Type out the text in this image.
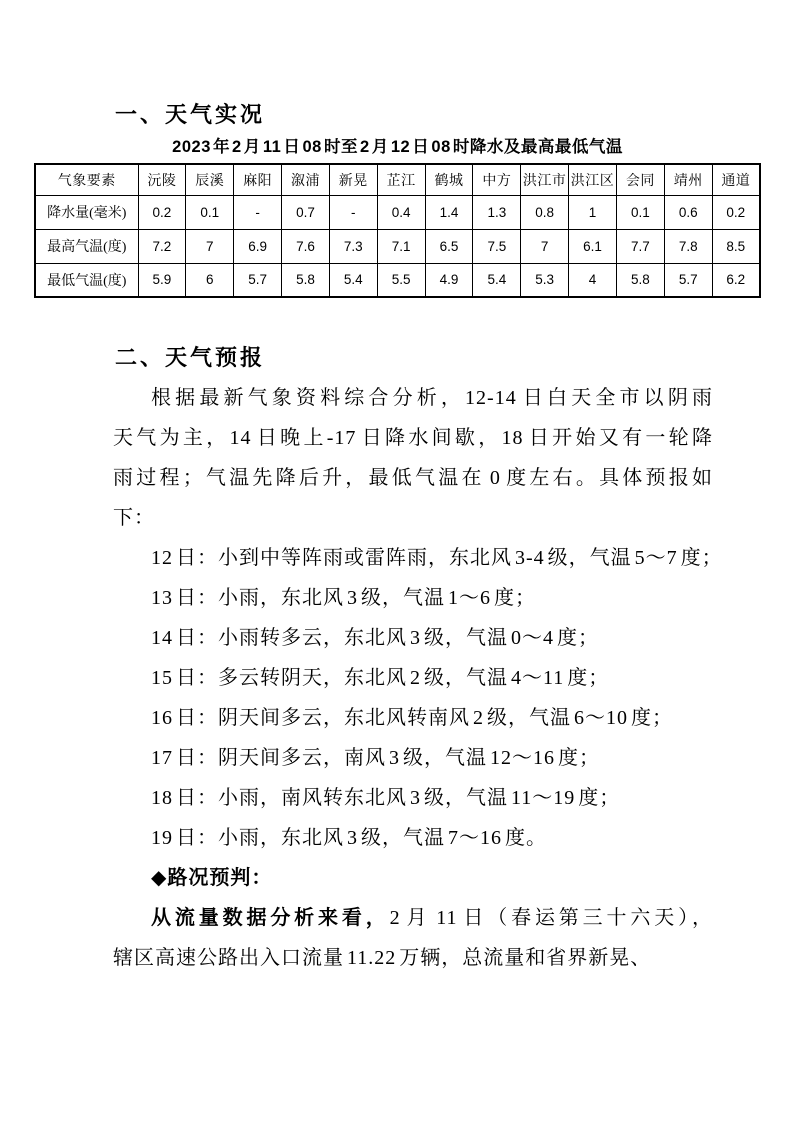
一、天气实况
2023 年 2 月 11 日 08 时至 2 月 12 日 08 时降水及最高最低气温
气象要素	沅陵	辰溪	麻阳	溆浦	新晃	芷江	鹤城	中方	洪江市	洪江区	会同	靖州	通道
降水量(毫米)	0.2	0.1	-	0.7	-	0.4	1.4	1.3	0.8	1	0.1	0.6	0.2
最高气温(度)	7.2	7	6.9	7.6	7.3	7.1	6.5	7.5	7	6.1	7.7	7.8	8.5
最低气温(度)	5.9	6	5.7	5.8	5.4	5.5	4.9	5.4	5.3	4	5.8	5.7	6.2
二、天气预报
根据最新气象资料综合分析，12-14 日白天全市以阴雨
天气为主，14 日晚上-17 日降水间歇，18 日开始又有一轮降
雨过程；气温先降后升，最低气温在 0 度左右。具体预报如
下：
12 日：小到中等阵雨或雷阵雨，东北风 3-4 级，气温 5～7 度；
13 日：小雨，东北风 3 级，气温 1～6 度；
14 日：小雨转多云，东北风 3 级，气温 0～4 度；
15 日：多云转阴天，东北风 2 级，气温 4～11 度；
16 日：阴天间多云，东北风转南风 2 级，气温 6～10 度；
17 日：阴天间多云，南风 3 级，气温 12～16 度；
18 日：小雨，南风转东北风 3 级，气温 11～19 度；
19 日：小雨，东北风 3 级，气温 7～16 度。
◆路况预判：
从流量数据分析来看，2 月 11 日（春运第三十六天），
辖区高速公路出入口流量 11.22 万辆，总流量和省界新晃、
